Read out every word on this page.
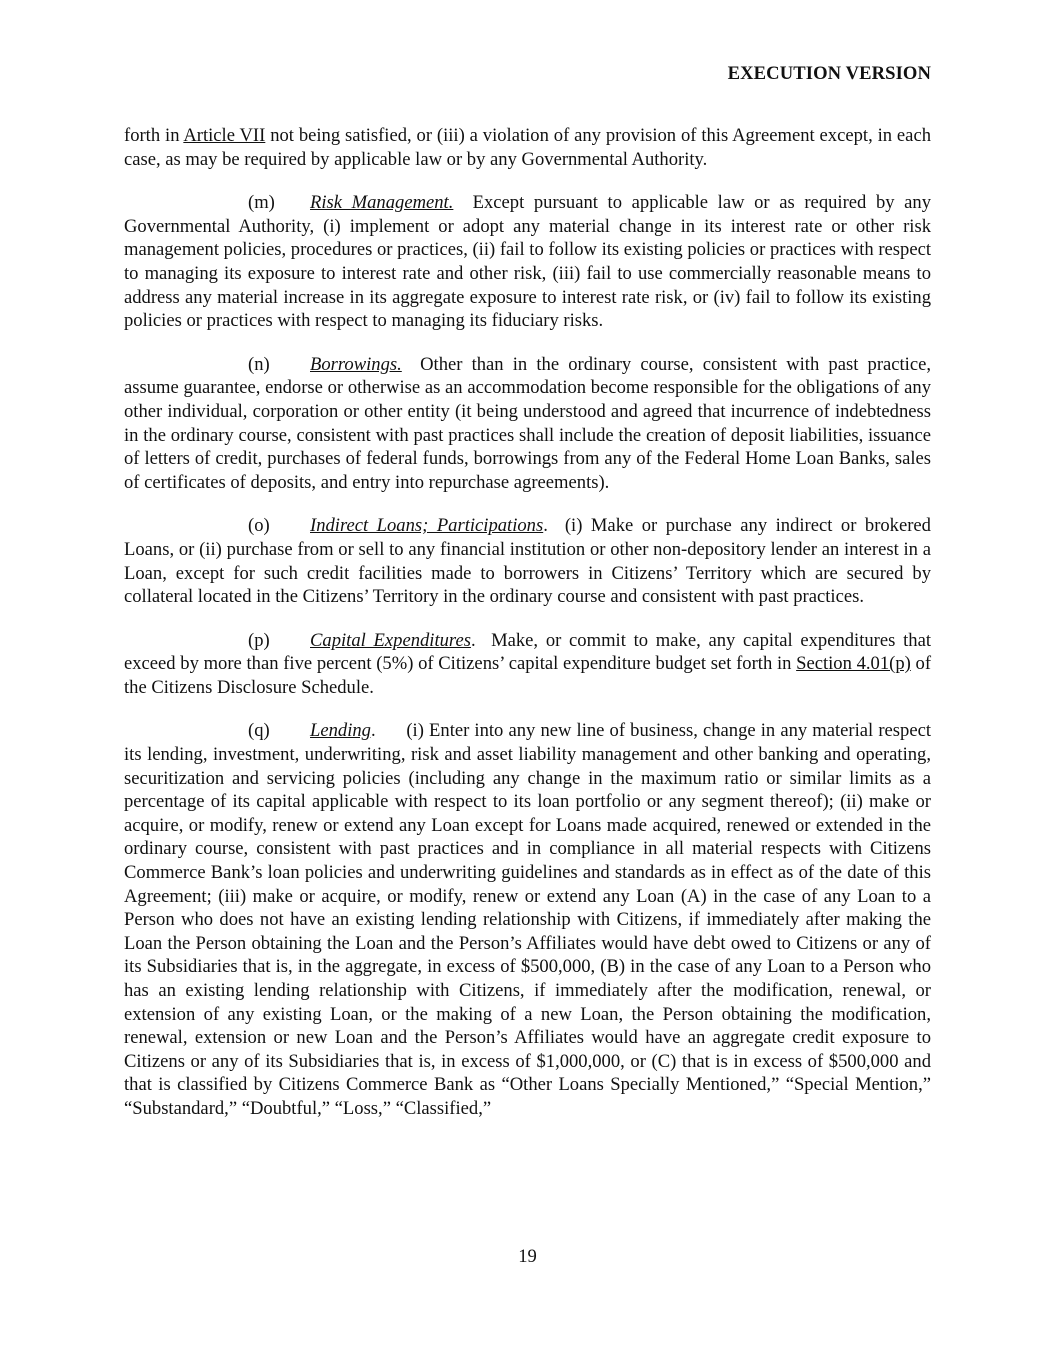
EXECUTION VERSION

forth in Article VII not being satisfied, or (iii) a violation of any provision of this Agreement except, in each case, as may be required by applicable law or by any Governmental Authority.

(m) Risk Management. Except pursuant to applicable law or as required by any Governmental Authority, (i) implement or adopt any material change in its interest rate or other risk management policies, procedures or practices, (ii) fail to follow its existing policies or practices with respect to managing its exposure to interest rate and other risk, (iii) fail to use commercially reasonable means to address any material increase in its aggregate exposure to interest rate risk, or (iv) fail to follow its existing policies or practices with respect to managing its fiduciary risks.

(n) Borrowings. Other than in the ordinary course, consistent with past practice, assume guarantee, endorse or otherwise as an accommodation become responsible for the obligations of any other individual, corporation or other entity (it being understood and agreed that incurrence of indebtedness in the ordinary course, consistent with past practices shall include the creation of deposit liabilities, issuance of letters of credit, purchases of federal funds, borrowings from any of the Federal Home Loan Banks, sales of certificates of deposits, and entry into repurchase agreements).

(o) Indirect Loans; Participations.  (i) Make or purchase any indirect or brokered Loans, or (ii) purchase from or sell to any financial institution or other non-depository lender an interest in a Loan, except for such credit facilities made to borrowers in Citizens’ Territory which are secured by collateral located in the Citizens’ Territory in the ordinary course and consistent with past practices.

(p) Capital Expenditures.  Make, or commit to make, any capital expenditures that exceed by more than five percent (5%) of Citizens’ capital expenditure budget set forth in Section 4.01(p) of the Citizens Disclosure Schedule.

(q) Lending.      (i) Enter into any new line of business, change in any material respect its lending, investment, underwriting, risk and asset liability management and other banking and operating, securitization and servicing policies (including any change in the maximum ratio or similar limits as a percentage of its capital applicable with respect to its loan portfolio or any segment thereof); (ii) make or acquire, or modify, renew or extend any Loan except for Loans made acquired, renewed or extended in the ordinary course, consistent with past practices and in compliance in all material respects with Citizens Commerce Bank’s loan policies and underwriting guidelines and standards as in effect as of the date of this Agreement; (iii) make or acquire, or modify, renew or extend any Loan (A) in the case of any Loan to a Person who does not have an existing lending relationship with Citizens, if immediately after making the Loan the Person obtaining the Loan and the Person’s Affiliates would have debt owed to Citizens or any of its Subsidiaries that is, in the aggregate, in excess of $500,000, (B) in the case of any Loan to a Person who has an existing lending relationship with Citizens, if immediately after the modification, renewal, or extension of any existing Loan, or the making of a new Loan, the Person obtaining the modification, renewal, extension or new Loan and the Person’s Affiliates would have an aggregate credit exposure to Citizens or any of its Subsidiaries that is, in excess of $1,000,000, or (C) that is in excess of $500,000 and that is classified by Citizens Commerce Bank as “Other Loans Specially Mentioned,” “Special Mention,” “Substandard,” “Doubtful,” “Loss,” “Classified,”

19
